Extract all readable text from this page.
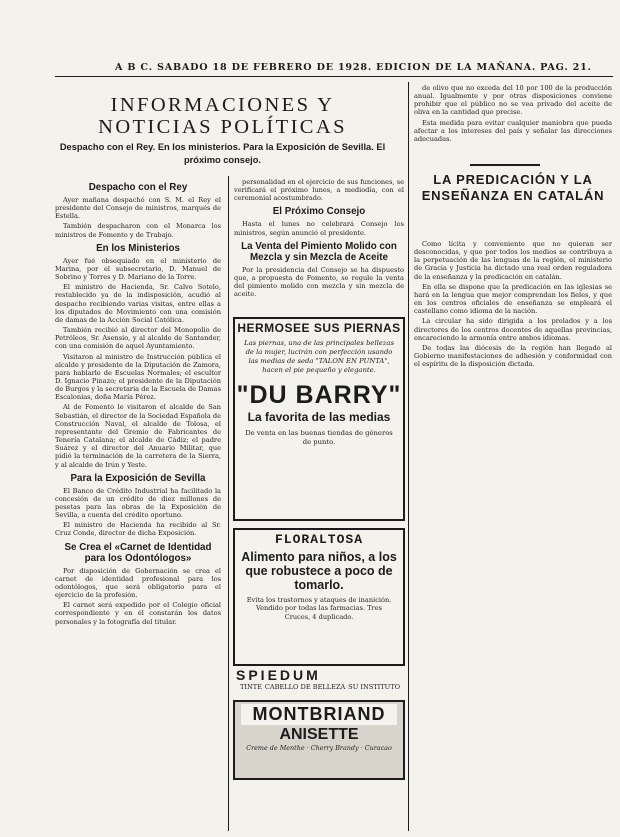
A B C. SABADO 18 DE FEBRERO DE 1928. EDICION DE LA MAÑANA. PAG. 21.
INFORMACIONES Y NOTICIAS POLÍTICAS
Despacho con el Rey. En los ministerios. Para la Exposición de Sevilla. El próximo consejo.
Despacho con el Rey

Ayer mañana despachó con S. M. el Rey el presidente del Consejo de ministros, marqués de Estella.

También despacharon con el Monarca los ministros de Fomento y de Trabajo.

En los Ministerios

Ayer fué obsequiado en el ministerio de Marina, por el subsecretario, D. Manuel de Sobrino y Torres y D. Mariano de la Torre.

El ministro de Hacienda, Sr. Calvo Sotelo, restablecido ya de la indisposición, acudió al despacho recibiendo varias visitas, entre ellas a los diputados de Movimiento con una comisión de damas de la Acción Social Católica.

También recibió al director del Monopolio de Petróleos, Sr. Asensio, y al alcalde de Santander, con una comisión de aquel Ayuntamiento.

Visitaron al ministro de Instrucción pública el alcalde y presidente de la Diputación de Zamora, para hablarle de Escuelas Normales; el escultor D. Ignacio Pinazo; el presidente de la Diputación de Burgos y la secretaria de la Escuela de Damas Escalonias, doña María Pérez.

Al de Fomento le visitaron el alcalde de San Sebastián, el director de la Sociedad Española de Construcción Naval, el alcalde de Tolosa, el representante del Gremio de Fabricantes de Tenería Catalana; el alcalde de Cádiz; el padre Suárez y el director del Anuario Militar, que pidió la terminación de la carretera de la Sierra, y al alcalde de Irún y Yeste.

Para la Exposición de Sevilla

El Banco de Crédito Industrial ha facilitado la concesión de un crédito de diez millones de pesetas para las obras de la Exposición de Sevilla, a cuenta del crédito oportuno.

El ministro de Hacienda ha recibido al Sr. Cruz Conde, director de dicha Exposición.

Se Crea el «Carnet de Identidad para los Odontólogos»

Por disposición de Gobernación se crea el carnet de identidad profesional para los odontólogos, que será obligatorio para el ejercicio de la profesión.

El carnet será expedido por el Colegio oficial correspondiente y en él constarán los datos personales y la fotografía del titular.

personalidad en el ejercicio de sus funciones, se verificará el próximo lunes, a mediodía, con el ceremonial acostumbrado.

El Próximo Consejo

Hasta el lunes no celebrará Consejo los ministros, según anunció el presidente.

La Venta del Pimiento Molido con Mezcla y sin Mezcla de Aceite

Por la presidencia del Consejo se ha dispuesto que, a propuesta de Fomento, se regule la venta del pimiento molido con mezcla y sin mezcla de aceite.

HERMOSEE SUS PIERNAS
Las piernas, una de las principales bellezas de la mujer, lucirán con perfección usando las medias de seda "TALON EN PUNTA", hacen el pie pequeño y elegante.
"DU BARRY"
La favorita de las medias
De venta en las buenas tiendas de géneros de punto.
FLORALTOSA
Alimento para niños, a los que robustece a poco de tomarlo.
Evita los trastornos y ataques de inanición. Vendido por todas las farmacias. Tres Cruces, 4 duplicado.
SPIEDUM
TINTE CABELLO DE BELLEZA SU INSTITUTO
MONTBRIAND
ANISETTE
Creme de Menthe · Cherry Brandy · Curacao

de olivo que no exceda del 10 por 100 de la producción anual. Igualmente y por otras disposiciones conviene prohibir que el público no se vea privado del aceite de oliva en la cantidad que precise.

Esta medida para evitar cualquier maniobra que pueda afectar a los intereses del país y señalar las direcciones adecuadas.

LA PREDICACIÓN Y LA ENSEÑANZA EN CATALÁN

Como lícita y conveniente que no quieran ser desconocidas, y que por todos los medios se contribuya a la perpetuación de las lenguas de la región, el ministerio de Gracia y Justicia ha dictado una real orden reguladora de la enseñanza y la predicación en catalán.

En ella se dispone que la predicación en las iglesias se hará en la lengua que mejor comprendan los fieles, y que en los centros oficiales de enseñanza se empleará el castellano como idioma de la nación.

La circular ha sido dirigida a los prelados y a los directores de los centros docentes de aquellas provincias, encareciendo la armonía entre ambos idiomas.

De todas las diócesis de la región han llegado al Gobierno manifestaciones de adhesión y conformidad con el espíritu de la disposición dictada.
